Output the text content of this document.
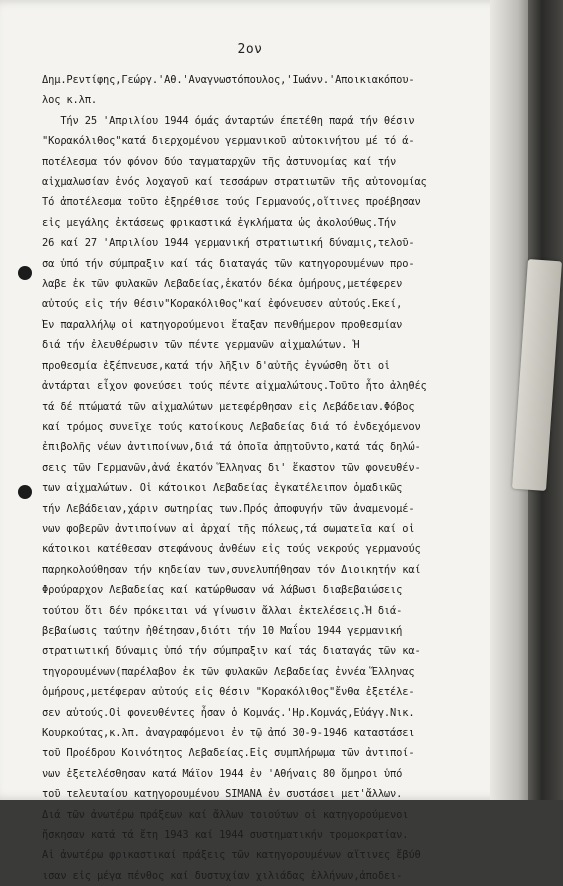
2ον
Δημ.Ρεντίφης,Γεώργ.'Αθ.'Αναγνωστόπουλος,'Ιωάνν.'Αποικιακόπου-
λος κ.λπ.
Τήν 25 'Απριλίου 1944 όμάς άνταρτών έπετέθη παρά τήν θέσιν
"Κορακόλιθος"κατά διερχομένου γερμανικοῦ αὐτοκινήτου μέ τό ά-
ποτέλεσμα τόν φόνον δύο ταγματαρχῶν τῆς ἀστυνομίας καί τήν
αἰχμαλωσίαν ἑνός λοχαγοῦ καί τεσσάρων στρατιωτῶν τῆς αὐτονομίας
Τό ἀποτέλεσμα τοῦτο ἐξηρέθισε τούς Γερμανούς,οἵτινες προέβησαν
εἰς μεγάλης ἐκτάσεως φρικαστικά ἐγκλήματα ὡς ἀκολούθως.Τήν
26 καί 27 'Απριλίου 1944 γερμανική στρατιωτική δύναμις,τελοῦ-
σα ὑπό τήν σύμπραξιν καί τάς διαταγάς τῶν κατηγορουμένων προ-
λαβε ἐκ τῶν φυλακῶν Λεβαδείας,ἑκατόν δέκα ὁμήρους,μετέφερεν
αὐτούς εἰς τήν θέσιν"Κορακόλιθος"καί ἐφόνευσεν αὐτούς.Εκεί,
Ἐν παραλλήλῳ οἱ κατηγορούμενοι ἔταξαν πενθήμερον προθεσμίαν
διά τήν ἐλευθέρωσιν τῶν πέντε γερμανῶν αἰχμαλώτων. Ἡ
προθεσμία ἐξέπνευσε,κατά τήν λῆξιν δ'αὐτῆς ἐγνώσθη ὅτι οἱ
ἀντάρται εἶχον φονεύσει τούς πέντε αἰχμαλώτους.Τοῦτο ἦτο ἀληθές
τά δέ πτώματά τῶν αἰχμαλώτων μετεφέρθησαν εἰς Λεβάδειαν.Φόβος
καί τρόμος συνεῖχε τούς κατοίκους Λεβαδείας διά τό ἐνδεχόμενον
ἐπιβολῆς νέων ἀντιποίνων,διά τά ὁποῖα ἀπῃτοῦντο,κατά τάς δηλώ-
σεις τῶν Γερμανῶν,ἀνά ἑκατόν Ἕλληνας δι' ἕκαστον τῶν φονευθέν-
των αἰχμαλώτων. Οἱ κάτοικοι Λεβαδείας ἐγκατέλειπον ὁμαδικῶς
τήν Λεβάδειαν,χάριν σωτηρίας των.Πρός ἀποφυγήν τῶν ἀναμενομέ-
νων φοβερῶν ἀντιποίνων αἱ ἀρχαί τῆς πόλεως,τά σωματεῖα καί οἱ
κάτοικοι κατέθεσαν στεφάνους ἀνθέων εἰς τούς νεκρούς γερμανούς
παρηκολούθησαν τήν κηδείαν των,συνελυπήθησαν τόν Διοικητήν καί
Φρούραρχον Λεβαδείας καί κατώρθωσαν νά λάβωσι διαβεβαιώσεις
τούτου ὅτι δέν πρόκειται νά γίνωσιν ἄλλαι ἐκτελέσεις.Ἡ διά-
βεβαίωσις ταύτην ἠθέτησαν,διότι τήν 10 Μαΐου 1944 γερμανική
στρατιωτική δύναμις ὑπό τήν σύμπραξιν καί τάς διαταγάς τῶν κα-
τηγορουμένων(παρέλαβον ἐκ τῶν φυλακῶν Λεβαδείας ἐννέα Ἕλληνας
ὁμήρους,μετέφεραν αὐτούς εἰς θέσιν "Κορακόλιθος"ἔνθα ἐξετέλε-
σεν αὐτούς.Οἱ φονευθέντες ἦσαν ὁ Κομνάς.'Ηρ.Κομνάς,Εὐάγγ.Νικ.
Κουρκούτας,κ.λπ. ἀναγραφόμενοι ἐν τῷ ἀπό 30-9-1946 καταστάσει
τοῦ Προέδρου Κοινότητος Λεβαδείας.Εἰς συμπλήρωμα τῶν ἀντιποί-
νων ἐξετελέσθησαν κατά Μάϊον 1944 ἐν 'Αθήναις 80 ὅμηροι ὑπό
τοῦ τελευταίου κατηγορουμένου SIMANA ἐν συστάσει μετ'ἄλλων.
Διά τῶν ἀνωτέρω πράξεων καί ἄλλων τοιούτων οἱ κατηγορούμενοι
ἤσκησαν κατά τά ἔτη 1943 καί 1944 συστηματικήν τρομοκρατίαν.
Αἱ ἀνωτέρω φρικαστικαί πράξεις τῶν κατηγορουμένων αἵτινες ἔβύθ
ισαν εἰς μέγα πένθος καί δυστυχίαν χιλιάδας ἑλλήνων,ἀποδει-
